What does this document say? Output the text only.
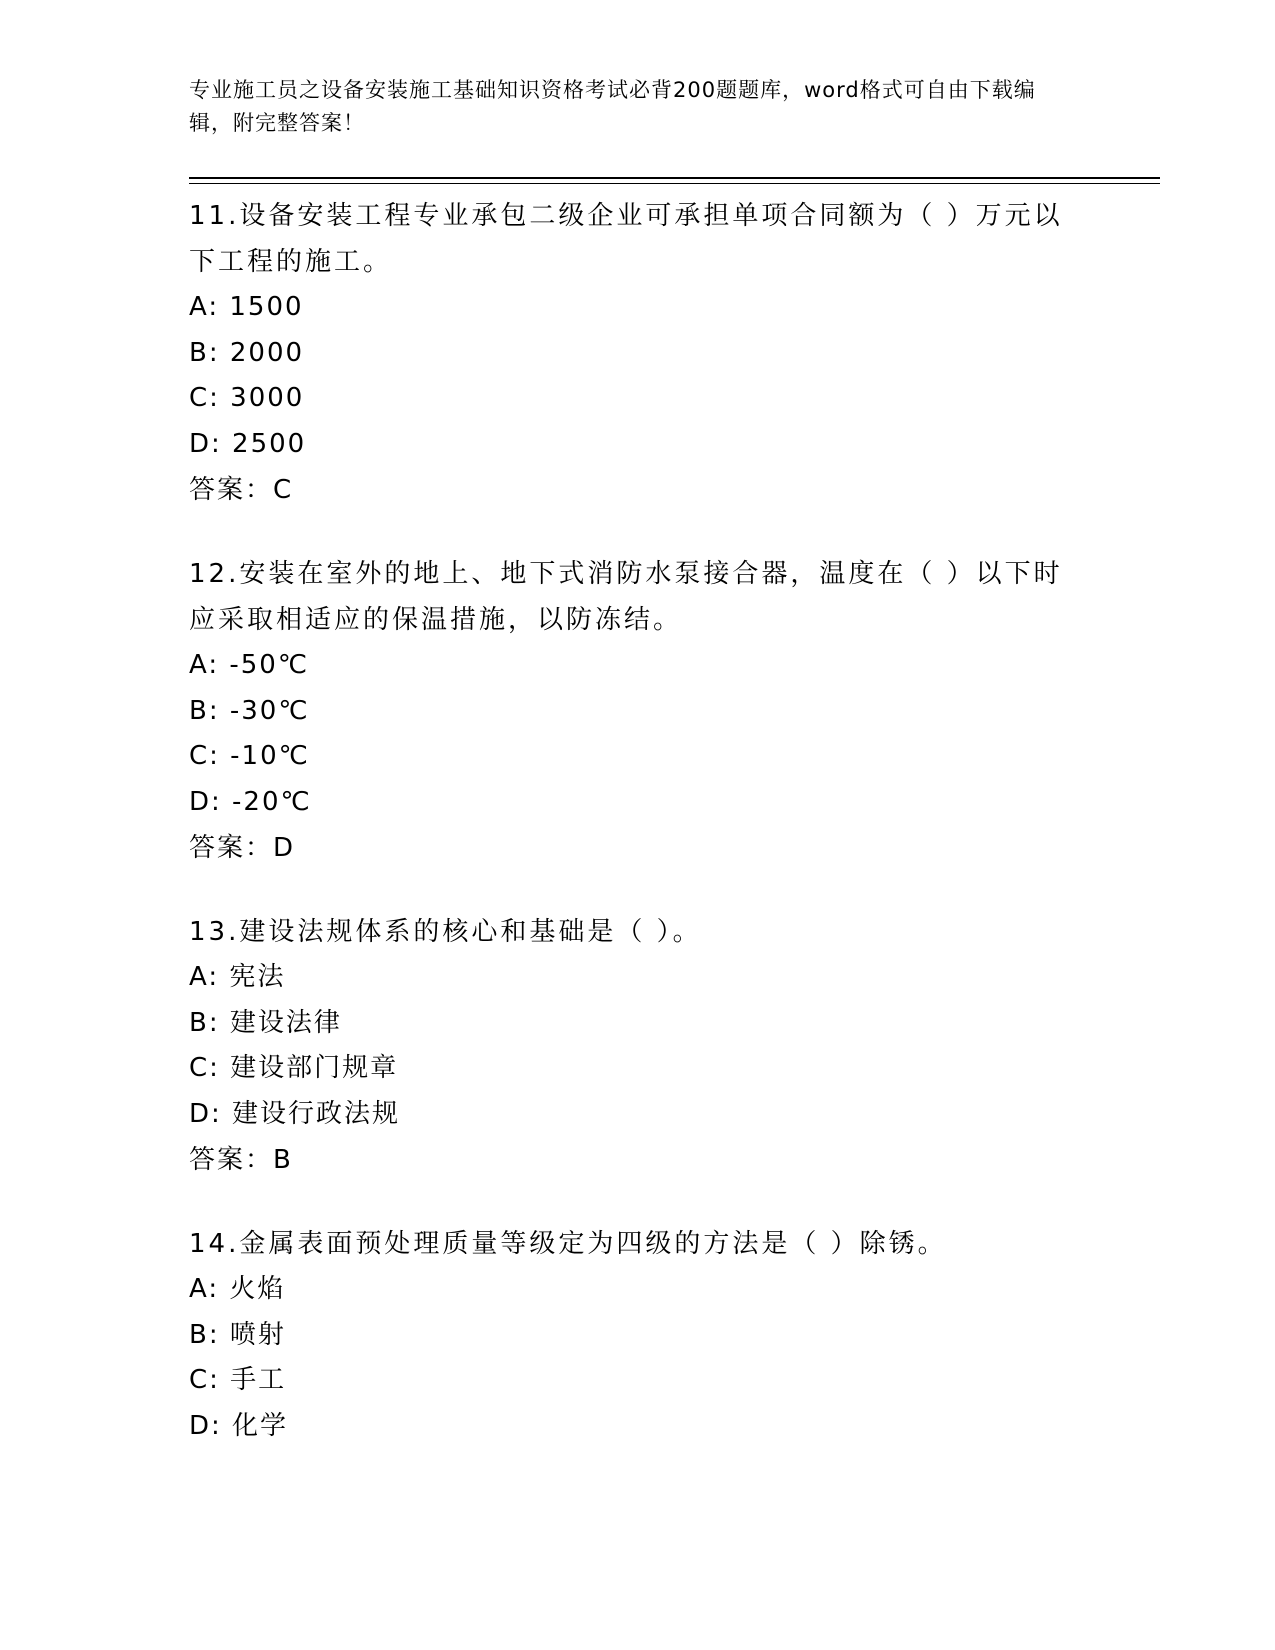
专业施工员之设备安装施工基础知识资格考试必背200题题库，word格式可自由下载编辑，附完整答案！

11.设备安装工程专业承包二级企业可承担单项合同额为（ ）万元以下工程的施工。

A: 1500

B: 2000

C: 3000

D: 2500

答案：C

12.安装在室外的地上、地下式消防水泵接合器，温度在（ ）以下时应采取相适应的保温措施，以防冻结。

A: -50℃

B: -30℃

C: -10℃

D: -20℃

答案：D

13.建设法规体系的核心和基础是（ ）。

A: 宪法

B: 建设法律

C: 建设部门规章

D: 建设行政法规

答案：B

14.金属表面预处理质量等级定为四级的方法是（ ）除锈。

A: 火焰

B: 喷射

C: 手工

D: 化学
